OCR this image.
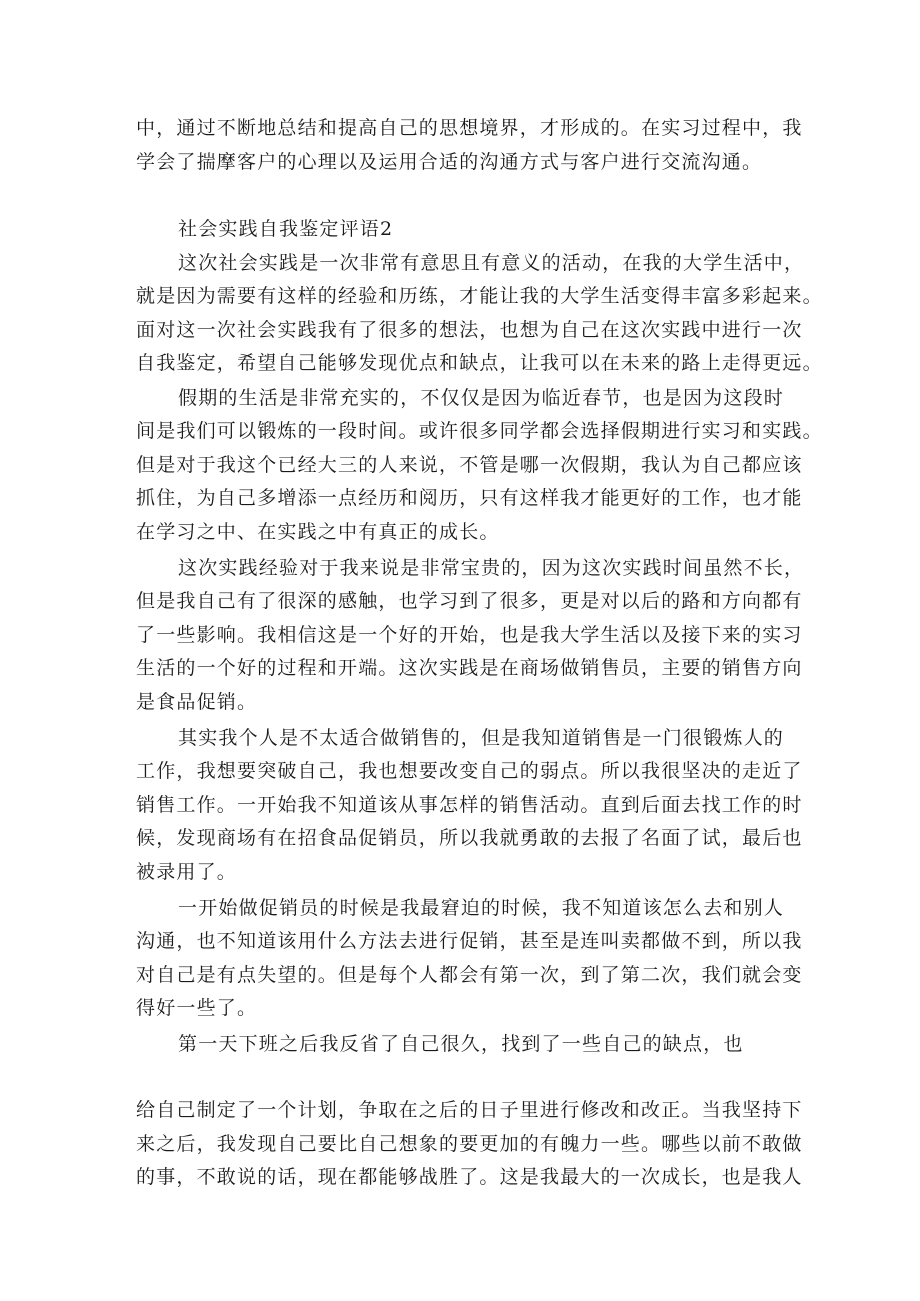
中，通过不断地总结和提高自己的思想境界，才形成的。在实习过程中，我
学会了揣摩客户的心理以及运用合适的沟通方式与客户进行交流沟通。
社会实践自我鉴定评语2
这次社会实践是一次非常有意思且有意义的活动，在我的大学生活中，
就是因为需要有这样的经验和历练，才能让我的大学生活变得丰富多彩起来。
面对这一次社会实践我有了很多的想法，也想为自己在这次实践中进行一次
自我鉴定，希望自己能够发现优点和缺点，让我可以在未来的路上走得更远。
假期的生活是非常充实的，不仅仅是因为临近春节，也是因为这段时
间是我们可以锻炼的一段时间。或许很多同学都会选择假期进行实习和实践。
但是对于我这个已经大三的人来说，不管是哪一次假期，我认为自己都应该
抓住，为自己多增添一点经历和阅历，只有这样我才能更好的工作，也才能
在学习之中、在实践之中有真正的成长。
这次实践经验对于我来说是非常宝贵的，因为这次实践时间虽然不长，
但是我自己有了很深的感触，也学习到了很多，更是对以后的路和方向都有
了一些影响。我相信这是一个好的开始，也是我大学生活以及接下来的实习
生活的一个好的过程和开端。这次实践是在商场做销售员，主要的销售方向
是食品促销。
其实我个人是不太适合做销售的，但是我知道销售是一门很锻炼人的
工作，我想要突破自己，我也想要改变自己的弱点。所以我很坚决的走近了
销售工作。一开始我不知道该从事怎样的销售活动。直到后面去找工作的时
候，发现商场有在招食品促销员，所以我就勇敢的去报了名面了试，最后也
被录用了。
一开始做促销员的时候是我最窘迫的时候，我不知道该怎么去和别人
沟通，也不知道该用什么方法去进行促销，甚至是连叫卖都做不到，所以我
对自己是有点失望的。但是每个人都会有第一次，到了第二次，我们就会变
得好一些了。
第一天下班之后我反省了自己很久，找到了一些自己的缺点，也
给自己制定了一个计划，争取在之后的日子里进行修改和改正。当我坚持下
来之后，我发现自己要比自己想象的要更加的有魄力一些。哪些以前不敢做
的事，不敢说的话，现在都能够战胜了。这是我最大的一次成长，也是我人
